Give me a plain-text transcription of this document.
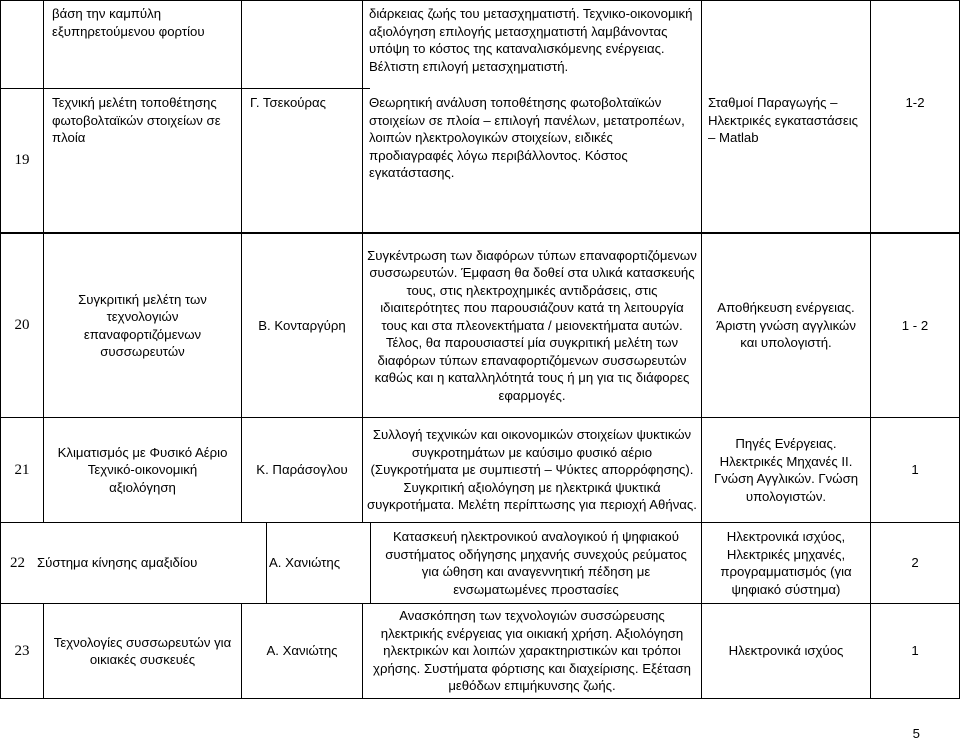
19
βάση την καμπύλη εξυπηρετούμενου φορτίου
Τεχνική μελέτη τοποθέτησης φωτοβολταϊκών στοιχείων σε πλοία
Γ. Τσεκούρας
διάρκειας ζωής του μετασχηματιστή. Τεχνικο-οικονομική αξιολόγηση επιλογής μετασχηματιστή λαμβάνοντας υπόψη το κόστος της καταναλισκόμενης ενέργειας. Βέλτιστη επιλογή μετασχηματιστή.
Θεωρητική ανάλυση τοποθέτησης φωτοβολταϊκών στοιχείων σε πλοία – επιλογή πανέλων, μετατροπέων, λοιπών ηλεκτρολογικών στοιχείων, ειδικές προδιαγραφές λόγω περιβάλλοντος. Κόστος εγκατάστασης.
Σταθμοί Παραγωγής – Ηλεκτρικές εγκαταστάσεις – Matlab
1-2
20
Συγκριτική μελέτη των τεχνολογιών επαναφορτιζόμενων συσσωρευτών
Β. Κονταργύρη
Συγκέντρωση των διαφόρων τύπων επαναφορτιζόμενων συσσωρευτών. Έμφαση θα δοθεί στα υλικά κατασκευής τους, στις ηλεκτροχημικές αντιδράσεις, στις ιδιαιτερότητες που παρουσιάζουν κατά τη λειτουργία τους και στα πλεονεκτήματα / μειονεκτήματα αυτών. Τέλος, θα παρουσιαστεί μία συγκριτική μελέτη των διαφόρων τύπων επαναφορτιζόμενων συσσωρευτών καθώς και η καταλληλότητά τους ή μη για τις διάφορες εφαρμογές.
Αποθήκευση ενέργειας. Άριστη γνώση αγγλικών και υπολογιστή.
1 - 2
21
Κλιματισμός με Φυσικό Αέριο Τεχνικό-οικονομική αξιολόγηση
Κ. Παράσογλου
Συλλογή τεχνικών και οικονομικών στοιχείων ψυκτικών συγκροτημάτων με καύσιμο φυσικό αέριο (Συγκροτήματα με συμπιεστή – Ψύκτες απορρόφησης). Συγκριτική αξιολόγηση με ηλεκτρικά ψυκτικά συγκροτήματα. Μελέτη περίπτωσης για περιοχή Αθήνας.
Πηγές Ενέργειας. Ηλεκτρικές Μηχανές ΙΙ. Γνώση Αγγλικών. Γνώση υπολογιστών.
1
22 Σύστημα κίνησης αμαξιδίου	Α. Χανιώτης
Κατασκευή ηλεκτρονικού αναλογικού ή ψηφιακού συστήματος οδήγησης μηχανής συνεχούς ρεύματος για ώθηση και αναγεννητική πέδηση με ενσωματωμένες προστασίες
Ηλεκτρονικά ισχύος, Ηλεκτρικές μηχανές, προγραμματισμός (για ψηφιακό σύστημα)
2
23
Τεχνολογίες συσσωρευτών για οικιακές συσκευές
Α. Χανιώτης
Ανασκόπηση των τεχνολογιών συσσώρευσης ηλεκτρικής ενέργειας για οικιακή χρήση. Αξιολόγηση ηλεκτρικών και λοιπών χαρακτηριστικών και τρόποι χρήσης. Συστήματα φόρτισης και διαχείρισης. Εξέταση μεθόδων επιμήκυνσης ζωής.
Ηλεκτρονικά ισχύος	1
5
